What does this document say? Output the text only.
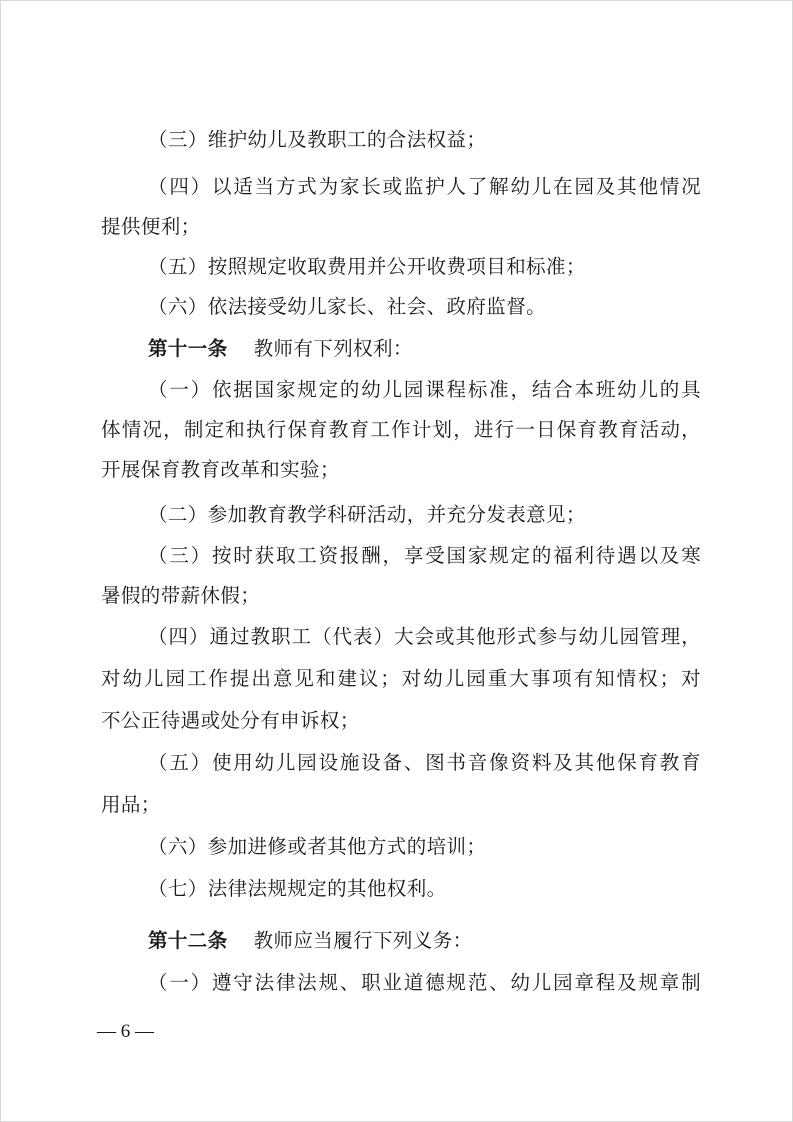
（三）维护幼儿及教职工的合法权益；
（四）以适当方式为家长或监护人了解幼儿在园及其他情况
提供便利；
（五）按照规定收取费用并公开收费项目和标准；
（六）依法接受幼儿家长、社会、政府监督。
第十一条 教师有下列权利：
（一）依据国家规定的幼儿园课程标准，结合本班幼儿的具
体情况，制定和执行保育教育工作计划，进行一日保育教育活动，
开展保育教育改革和实验；
（二）参加教育教学科研活动，并充分发表意见；
（三）按时获取工资报酬，享受国家规定的福利待遇以及寒
暑假的带薪休假；
（四）通过教职工（代表）大会或其他形式参与幼儿园管理，
对幼儿园工作提出意见和建议；对幼儿园重大事项有知情权；对
不公正待遇或处分有申诉权；
（五）使用幼儿园设施设备、图书音像资料及其他保育教育
用品；
（六）参加进修或者其他方式的培训；
（七）法律法规规定的其他权利。
第十二条 教师应当履行下列义务：
（一）遵守法律法规、职业道德规范、幼儿园章程及规章制
— 6 —
